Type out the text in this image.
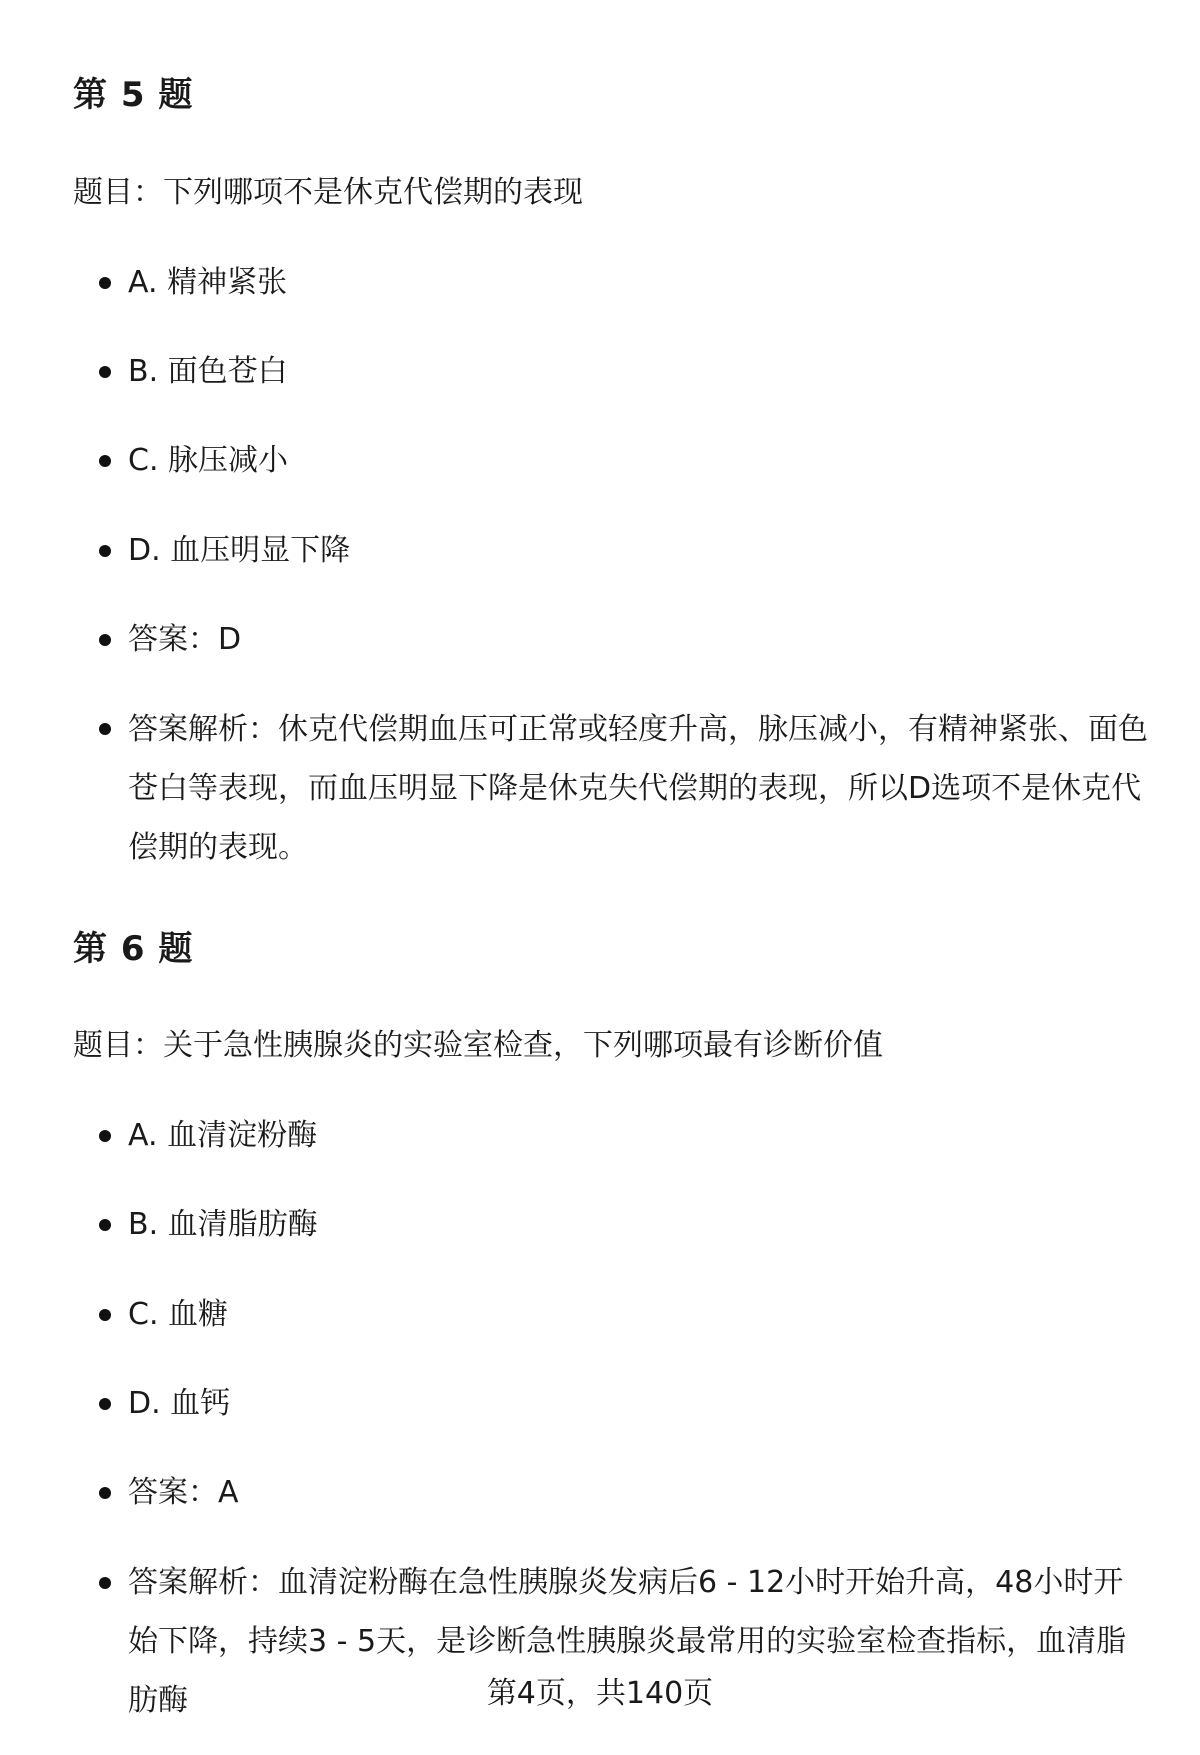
第 5 题

题目：下列哪项不是休克代偿期的表现

A. 精神紧张

B. 面色苍白

C. 脉压减小

D. 血压明显下降

答案：D

答案解析：休克代偿期血压可正常或轻度升高，脉压减小，有精神紧张、面色苍白等表现，而血压明显下降是休克失代偿期的表现，所以D选项不是休克代偿期的表现。

第 6 题

题目：关于急性胰腺炎的实验室检查，下列哪项最有诊断价值

A. 血清淀粉酶

B. 血清脂肪酶

C. 血糖

D. 血钙

答案：A

答案解析：血清淀粉酶在急性胰腺炎发病后6 - 12小时开始升高，48小时开始下降，持续3 - 5天，是诊断急性胰腺炎最常用的实验室检查指标，血清脂肪酶	第4页，共140页
